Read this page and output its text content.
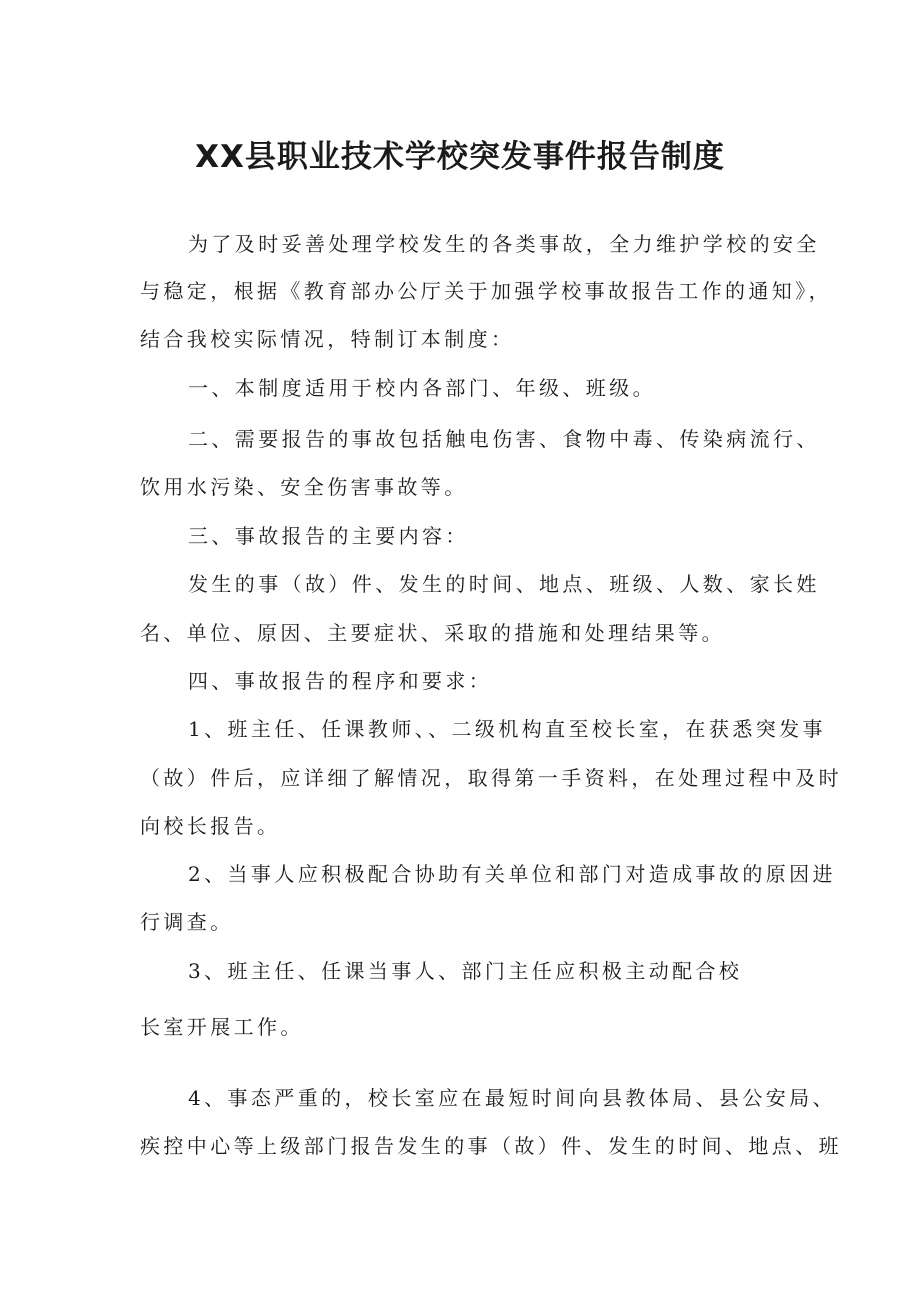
XX县职业技术学校突发事件报告制度

为了及时妥善处理学校发生的各类事故，全力维护学校的安全

与稳定，根据《教育部办公厅关于加强学校事故报告工作的通知》，

结合我校实际情况，特制订本制度：

一、本制度适用于校内各部门、年级、班级。

二、需要报告的事故包括触电伤害、食物中毒、传染病流行、

饮用水污染、安全伤害事故等。

三、事故报告的主要内容：

发生的事（故）件、发生的时间、地点、班级、人数、家长姓

名、单位、原因、主要症状、采取的措施和处理结果等。

四、事故报告的程序和要求：

1、班主任、任课教师、、二级机构直至校长室，在获悉突发事

（故）件后，应详细了解情况，取得第一手资料，在处理过程中及时

向校长报告。

2、当事人应积极配合协助有关单位和部门对造成事故的原因进

行调查。

3、班主任、任课当事人、部门主任应积极主动配合校

长室开展工作。

4、事态严重的，校长室应在最短时间向县教体局、县公安局、

疾控中心等上级部门报告发生的事（故）件、发生的时间、地点、班
